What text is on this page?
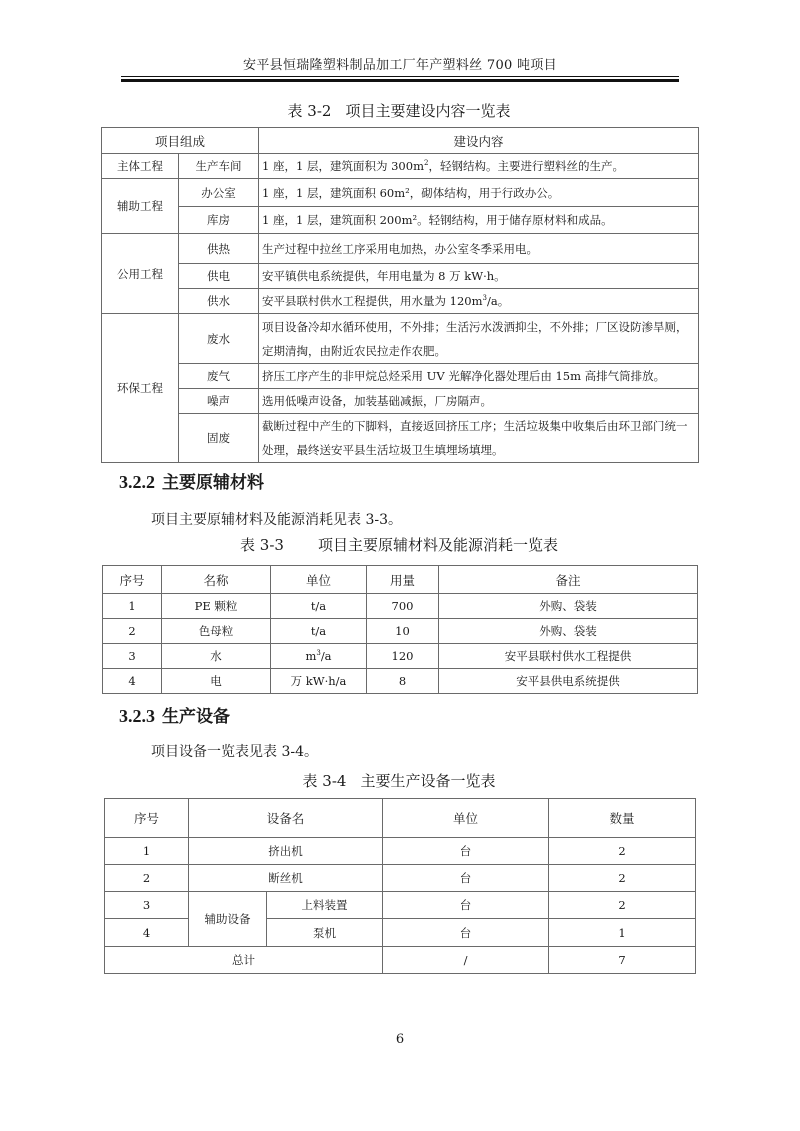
安平县恒瑞隆塑料制品加工厂年产塑料丝 700 吨项目
表 3-2 项目主要建设内容一览表
项目组成		建设内容
主体工程	生产车间	1 座，1 层，建筑面积为 $300m^2$，轻钢结构。主要进行塑料丝的生产。
辅助工程	办公室	1 座，1 层，建筑面积 60m²，砌体结构，用于行政办公。
	库房	1 座，1 层，建筑面积 200m²。轻钢结构，用于储存原材料和成品。
公用工程	供热	生产过程中拉丝工序采用电加热，办公室冬季采用电。
	供电	安平镇供电系统提供，年用电量为 8 万 kW·h。
	供水	安平县联村供水工程提供，用水量为 $120m^3/a$。
环保工程	废水	项目设备冷却水循环使用，不外排；生活污水泼洒抑尘，不外排；厂区设防渗旱厕，定期清掏，由附近农民拉走作农肥。
	废气	挤压工序产生的非甲烷总烃采用 UV 光解净化器处理后由 15m 高排气筒排放。
	噪声	选用低噪声设备，加装基础减振，厂房隔声。
	固废	截断过程中产生的下脚料，直接返回挤压工序；生活垃圾集中收集后由环卫部门统一处理，最终送安平县生活垃圾卫生填埋场填埋。
3.2.2 主要原辅材料
项目主要原辅材料及能源消耗见表 3-3。
表 3-3 项目主要原辅材料及能源消耗一览表
序号	名称	单位	用量	备注
1	PE 颗粒	t/a	700	外购、袋装
2	色母粒	t/a	10	外购、袋装
3	水	$m^3/a$	120	安平县联村供水工程提供
4	电	万 kW·h/a	8	安平县供电系统提供
3.2.3 生产设备
项目设备一览表见表 3-4。
表 3-4 主要生产设备一览表
序号	设备名		单位	数量
1	挤出机		台	2
2	断丝机		台	2
3	辅助设备	上料装置	台	2
4		泵机	台	1
总计			/	7
6
